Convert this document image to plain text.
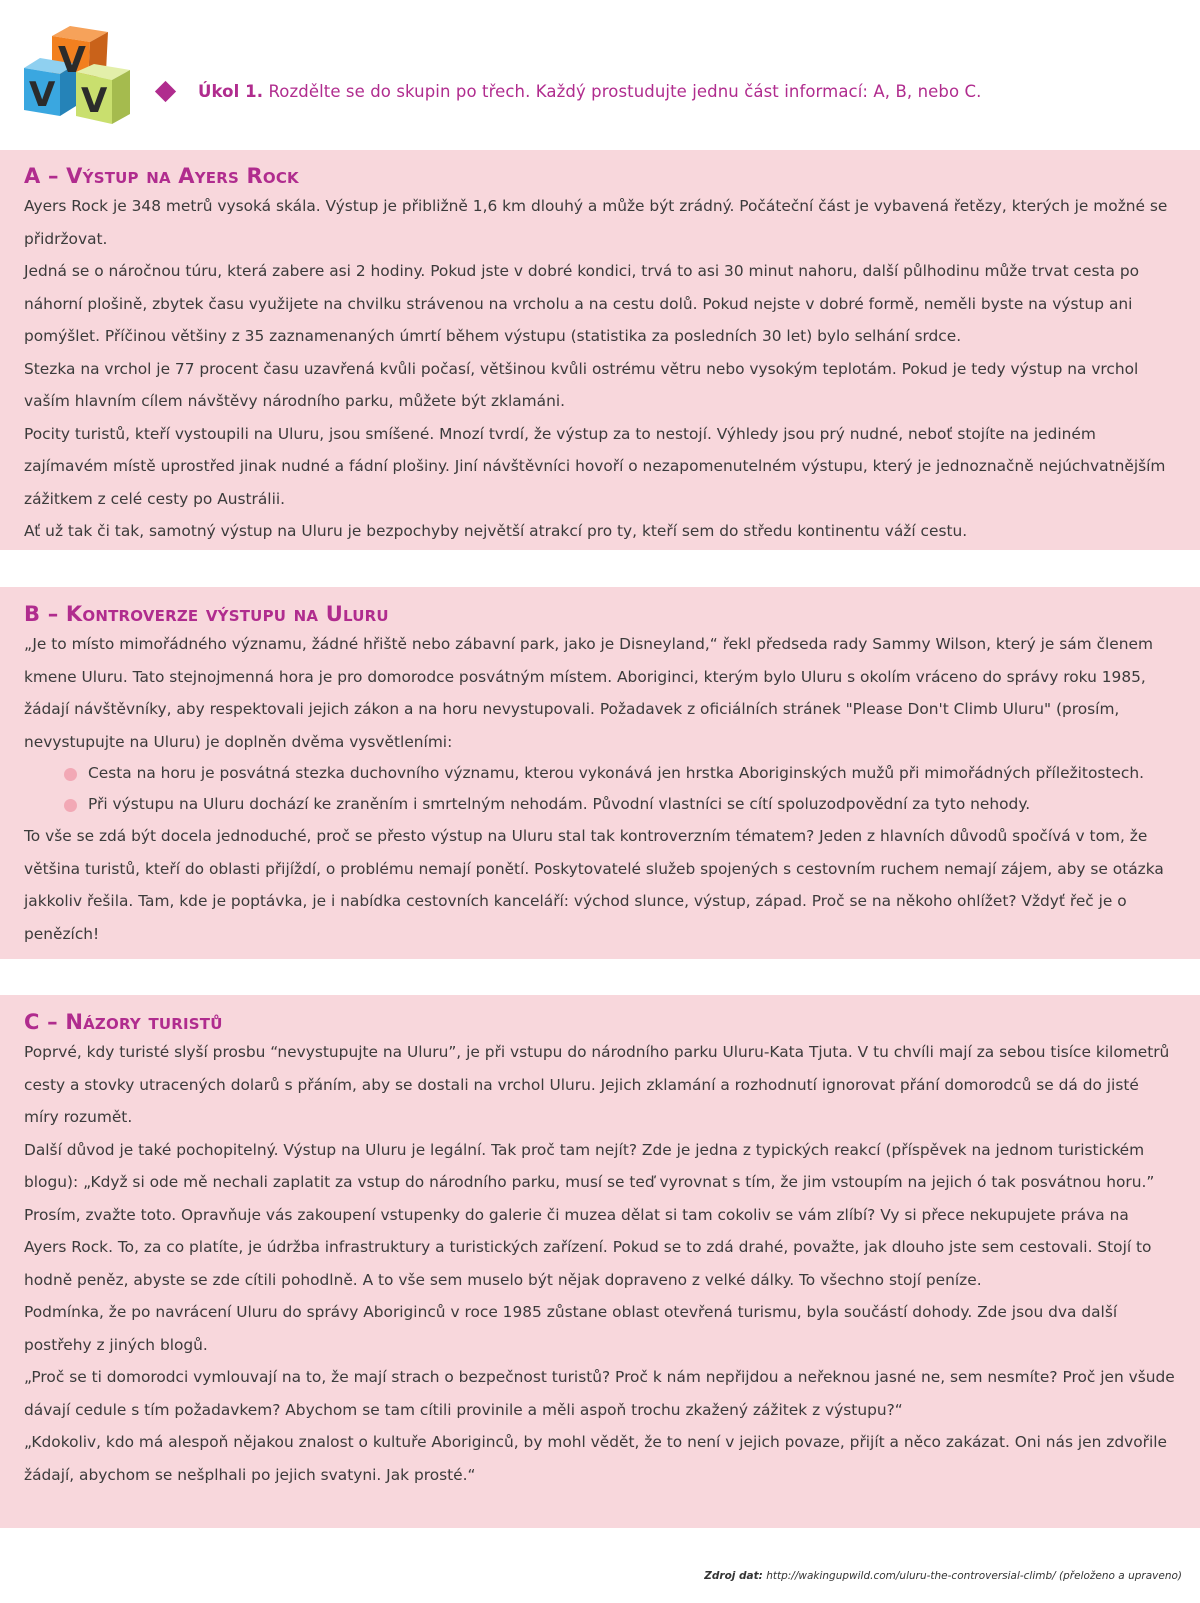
V
V V	Úkol 1. Rozdělte se do skupin po třech. Každý prostudujte jednu část informací: A, B, nebo C.
A – Výstup na Ayers Rock

Ayers Rock je 348 metrů vysoká skála. Výstup je přibližně 1,6 km dlouhý a může být zrádný. Počáteční část je vybavená řetězy, kterých je možné se přidržovat.

Jedná se o náročnou túru, která zabere asi 2 hodiny. Pokud jste v dobré kondici, trvá to asi 30 minut nahoru, další půlhodinu může trvat cesta po náhorní plošině, zbytek času využijete na chvilku strávenou na vrcholu a na cestu dolů. Pokud nejste v dobré formě, neměli byste na výstup ani pomýšlet. Příčinou většiny z 35 zaznamenaných úmrtí během výstupu (statistika za posledních 30 let) bylo selhání srdce.

Stezka na vrchol je 77 procent času uzavřená kvůli počasí, většinou kvůli ostrému větru nebo vysokým teplotám. Pokud je tedy výstup na vrchol vaším hlavním cílem návštěvy národního parku, můžete být zklamáni.

Pocity turistů, kteří vystoupili na Uluru, jsou smíšené. Mnozí tvrdí, že výstup za to nestojí. Výhledy jsou prý nudné, neboť stojíte na jediném zajímavém místě uprostřed jinak nudné a fádní plošiny. Jiní návštěvníci hovoří o nezapomenutelném výstupu, který je jednoznačně nejúchvatnějším zážitkem z celé cesty po Austrálii.

Ať už tak či tak, samotný výstup na Uluru je bezpochyby největší atrakcí pro ty, kteří sem do středu kontinentu váží cestu.

B – Kontroverze výstupu na Uluru

„Je to místo mimořádného významu, žádné hřiště nebo zábavní park, jako je Disneyland,“ řekl předseda rady Sammy Wilson, který je sám členem kmene Uluru. Tato stejnojmenná hora je pro domorodce posvátným místem. Aboriginci, kterým bylo Uluru s okolím vráceno do správy roku 1985, žádají návštěvníky, aby respektovali jejich zákon a na horu nevystupovali. Požadavek z oficiálních stránek "Please Don't Climb Uluru" (prosím, nevystupujte na Uluru) je doplněn dvěma vysvětleními:

Cesta na horu je posvátná stezka duchovního významu, kterou vykonává jen hrstka Aboriginských mužů při mimořádných příležitostech.
Při výstupu na Uluru dochází ke zraněním i smrtelným nehodám. Původní vlastníci se cítí spoluzodpovědní za tyto nehody.

To vše se zdá být docela jednoduché, proč se přesto výstup na Uluru stal tak kontroverzním tématem? Jeden z hlavních důvodů spočívá v tom, že většina turistů, kteří do oblasti přijíždí, o problému nemají ponětí. Poskytovatelé služeb spojených s cestovním ruchem nemají zájem, aby se otázka jakkoliv řešila. Tam, kde je poptávka, je i nabídka cestovních kanceláří: východ slunce, výstup, západ. Proč se na někoho ohlížet? Vždyť řeč je o penězích!

C – Názory turistů

Poprvé, kdy turisté slyší prosbu “nevystupujte na Uluru”, je při vstupu do národního parku Uluru-Kata Tjuta. V tu chvíli mají za sebou tisíce kilometrů cesty a stovky utracených dolarů s přáním, aby se dostali na vrchol Uluru. Jejich zklamání a rozhodnutí ignorovat přání domorodců se dá do jisté míry rozumět.

Další důvod je také pochopitelný. Výstup na Uluru je legální. Tak proč tam nejít? Zde je jedna z typických reakcí (příspěvek na jednom turistickém blogu): „Když si ode mě nechali zaplatit za vstup do národního parku, musí se teď vyrovnat s tím, že jim vstoupím na jejich ó tak posvátnou horu.”

Prosím, zvažte toto. Opravňuje vás zakoupení vstupenky do galerie či muzea dělat si tam cokoliv se vám zlíbí? Vy si přece nekupujete práva na Ayers Rock. To, za co platíte, je údržba infrastruktury a turistických zařízení. Pokud se to zdá drahé, považte, jak dlouho jste sem cestovali. Stojí to hodně peněz, abyste se zde cítili pohodlně. A to vše sem muselo být nějak dopraveno z velké dálky. To všechno stojí peníze.

Podmínka, že po navrácení Uluru do správy Aboriginců v roce 1985 zůstane oblast otevřená turismu, byla součástí dohody. Zde jsou dva další postřehy z jiných blogů.

„Proč se ti domorodci vymlouvají na to, že mají strach o bezpečnost turistů? Proč k nám nepřijdou a neřeknou jasné ne, sem nesmíte? Proč jen všude dávají cedule s tím požadavkem? Abychom se tam cítili provinile a měli aspoň trochu zkažený zážitek z výstupu?“

„Kdokoliv, kdo má alespoň nějakou znalost o kultuře Aboriginců, by mohl vědět, že to není v jejich povaze, přijít a něco zakázat. Oni nás jen zdvořile žádají, abychom se nešplhali po jejich svatyni. Jak prosté.“

Zdroj dat: http://wakingupwild.com/uluru-the-controversial-climb/ (přeloženo a upraveno)
